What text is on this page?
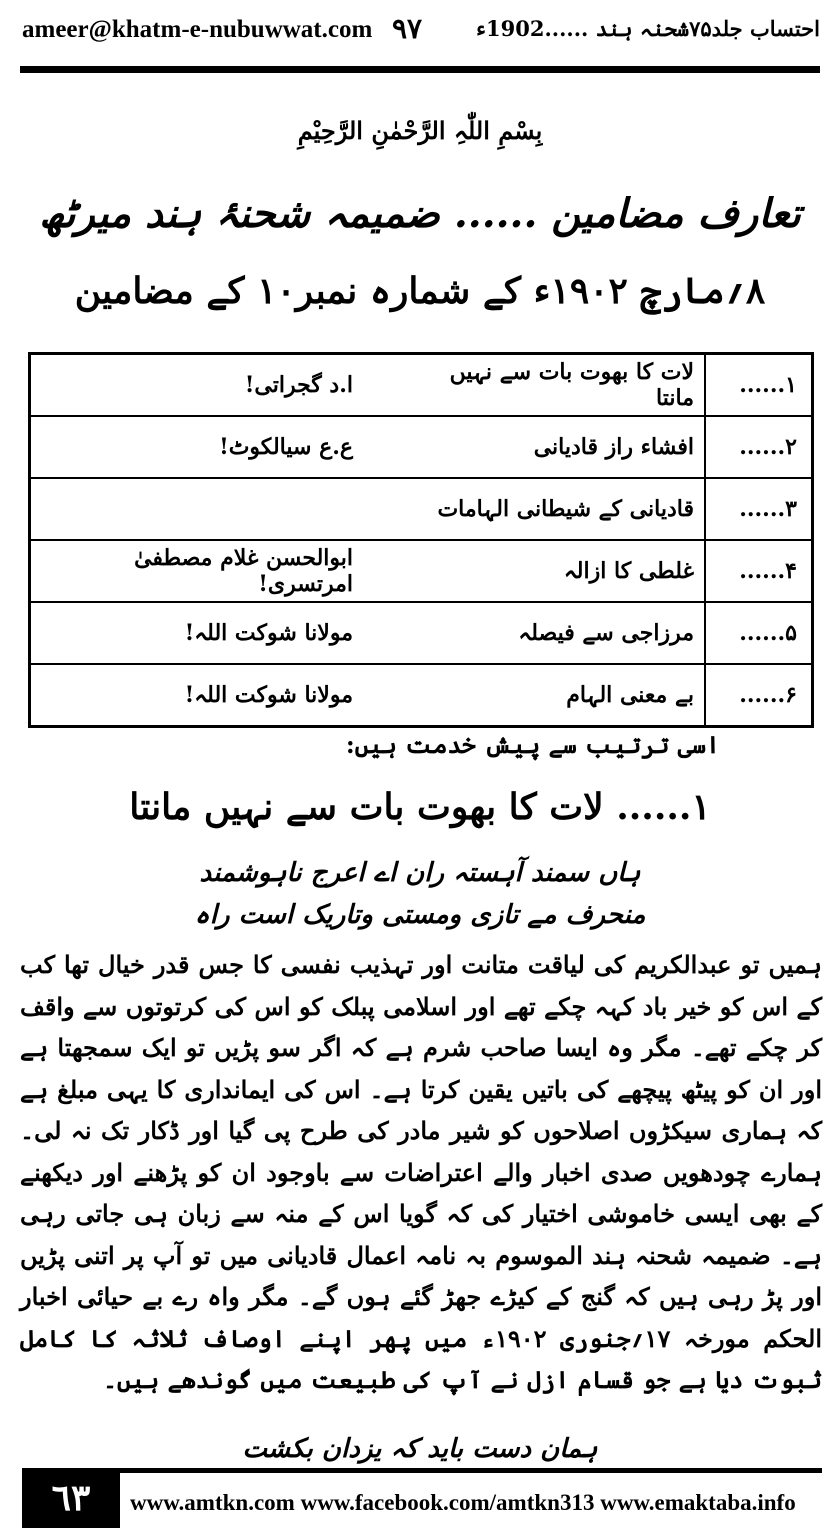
ameer@khatm-e-nubuwwat.com ٩٧	احتساب جلد۷۵شحنہ ہند ......1902ء
بِسْمِ اللّٰہِ الرَّحْمٰنِ الرَّحِیْمِ
تعارف مضامین ...... ضمیمہ شحنۂ ہند میرٹھ
۸؍مارچ ۱۹۰۲ء کے شمارہ نمبر۱۰ کے مضامین
۱......	لات کا بھوت بات سے نہیں مانتا	ا.د گجراتی!
۲......	افشاء راز قادیانی	ع.ع سیالکوٹ!
۳......	قادیانی کے شیطانی الہامات	
۴......	غلطی کا ازالہ	ابوالحسن غلام مصطفیٰ امرتسری!
۵......	مرزاجی سے فیصلہ	مولانا شوکت اللہ!
۶......	بے معنی الہام	مولانا شوکت اللہ!
اسی ترتیب سے پیش خدمت ہیں:
۱...... لات کا بھوت بات سے نہیں مانتا
ہاں سمند آہستہ ران اے اعرج ناہوشمند
منحرف مے تازی ومستی وتاریک است راہ

ہمیں تو عبدالکریم کی لیاقت متانت اور تہذیب نفسی کا جس قدر خیال تھا کب کے اس کو خیر باد کہہ چکے تھے اور اسلامی پبلک کو اس کی کرتوتوں سے واقف کر چکے تھے۔ مگر وہ ایسا صاحب شرم ہے کہ اگر سو پڑیں تو ایک سمجھتا ہے اور ان کو پیٹھ پیچھے کی باتیں یقین کرتا ہے۔ اس کی ایمانداری کا یہی مبلغ ہے کہ ہماری سیکڑوں اصلاحوں کو شیر مادر کی طرح پی گیا اور ڈکار تک نہ لی۔ ہمارے چودھویں صدی اخبار والے اعتراضات سے باوجود ان کو پڑھنے اور دیکھنے کے بھی ایسی خاموشی اختیار کی کہ گویا اس کے منہ سے زبان ہی جاتی رہی ہے۔ ضمیمہ شحنہ ہند الموسوم بہ نامہ اعمال قادیانی میں تو آپ پر اتنی پڑیں اور پڑ رہی ہیں کہ گنج کے کیڑے جھڑ گئے ہوں گے۔ مگر واہ رے بے حیائی اخبار الحکم مورخہ ۱۷؍جنوری ۱۹۰۲ء میں پھر اپنے اوصاف ثلاثہ کا کامل ثبوت دیا ہے جو قسام ازل نے آپ کی طبیعت میں گوندھے ہیں۔

ہمان دست باید کہ یزدان بکشت
٦٣	www.amtkn.com www.facebook.com/amtkn313 www.emaktaba.info
